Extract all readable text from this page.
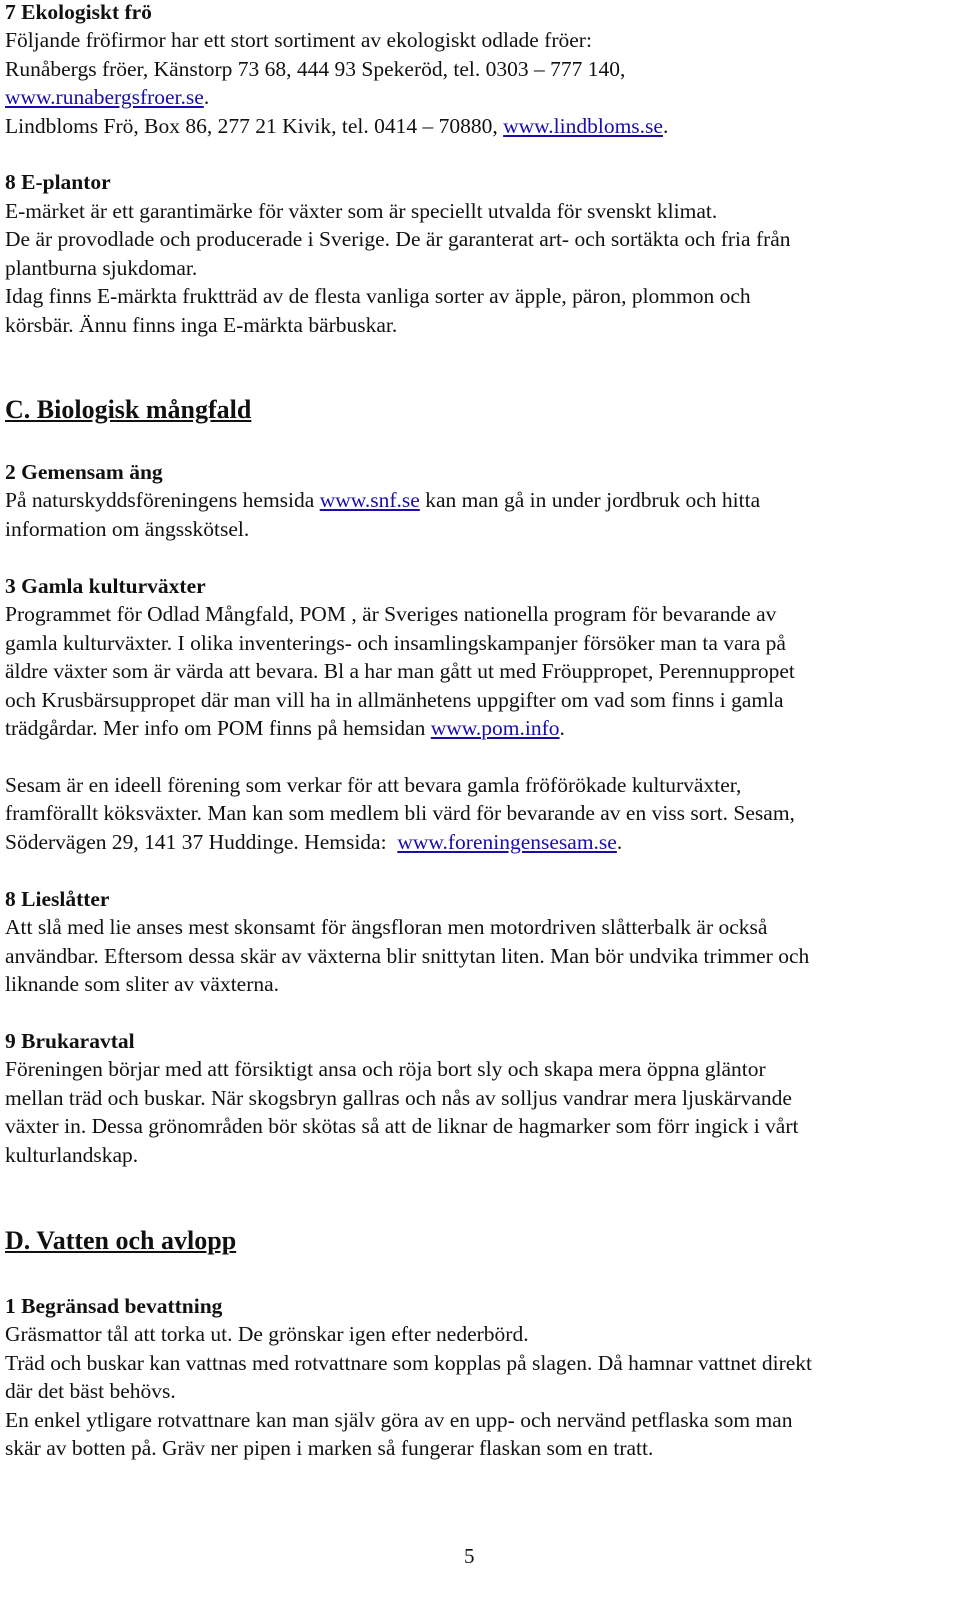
7 Ekologiskt frö
Följande fröfirmor har ett stort sortiment av ekologiskt odlade fröer:
Runåbergs fröer, Känstorp 73 68, 444 93 Spekeröd, tel. 0303 – 777 140,
www.runabergsfroer.se.
Lindbloms Frö, Box 86, 277 21 Kivik, tel. 0414 – 70880, www.lindbloms.se.
8 E-plantor
E-märket är ett garantimärke för växter som är speciellt utvalda för svenskt klimat.
De är provodlade och producerade i Sverige. De är garanterat art- och sortäkta och fria från
plantburna sjukdomar.
Idag finns E-märkta fruktträd av de flesta vanliga sorter av äpple, päron, plommon och
körsbär. Ännu finns inga E-märkta bärbuskar.
C. Biologisk mångfald
2 Gemensam äng
På naturskyddsföreningens hemsida www.snf.se kan man gå in under jordbruk och hitta
information om ängsskötsel.
3 Gamla kulturväxter
Programmet för Odlad Mångfald, POM , är Sveriges nationella program för bevarande av
gamla kulturväxter. I olika inventerings- och insamlingskampanjer försöker man ta vara på
äldre växter som är värda att bevara. Bl a har man gått ut med Fröuppropet, Perennuppropet
och Krusbärsuppropet där man vill ha in allmänhetens uppgifter om vad som finns i gamla
trädgårdar. Mer info om POM finns på hemsidan www.pom.info.
Sesam är en ideell förening som verkar för att bevara gamla fröförökade kulturväxter,
framförallt köksväxter. Man kan som medlem bli värd för bevarande av en viss sort. Sesam,
Södervägen 29, 141 37 Huddinge. Hemsida:  www.foreningensesam.se.
8 Lieslåtter
Att slå med lie anses mest skonsamt för ängsfloran men motordriven slåtterbalk är också
användbar. Eftersom dessa skär av växterna blir snittytan liten. Man bör undvika trimmer och
liknande som sliter av växterna.
9 Brukaravtal
Föreningen börjar med att försiktigt ansa och röja bort sly och skapa mera öppna gläntor
mellan träd och buskar. När skogsbryn gallras och nås av solljus vandrar mera ljuskärvande
växter in. Dessa grönområden bör skötas så att de liknar de hagmarker som förr ingick i vårt
kulturlandskap.
D. Vatten och avlopp
1 Begränsad bevattning
Gräsmattor tål att torka ut. De grönskar igen efter nederbörd.
Träd och buskar kan vattnas med rotvattnare som kopplas på slagen. Då hamnar vattnet direkt
där det bäst behövs.
En enkel ytligare rotvattnare kan man själv göra av en upp- och nervänd petflaska som man
skär av botten på. Gräv ner pipen i marken så fungerar flaskan som en tratt.
5
